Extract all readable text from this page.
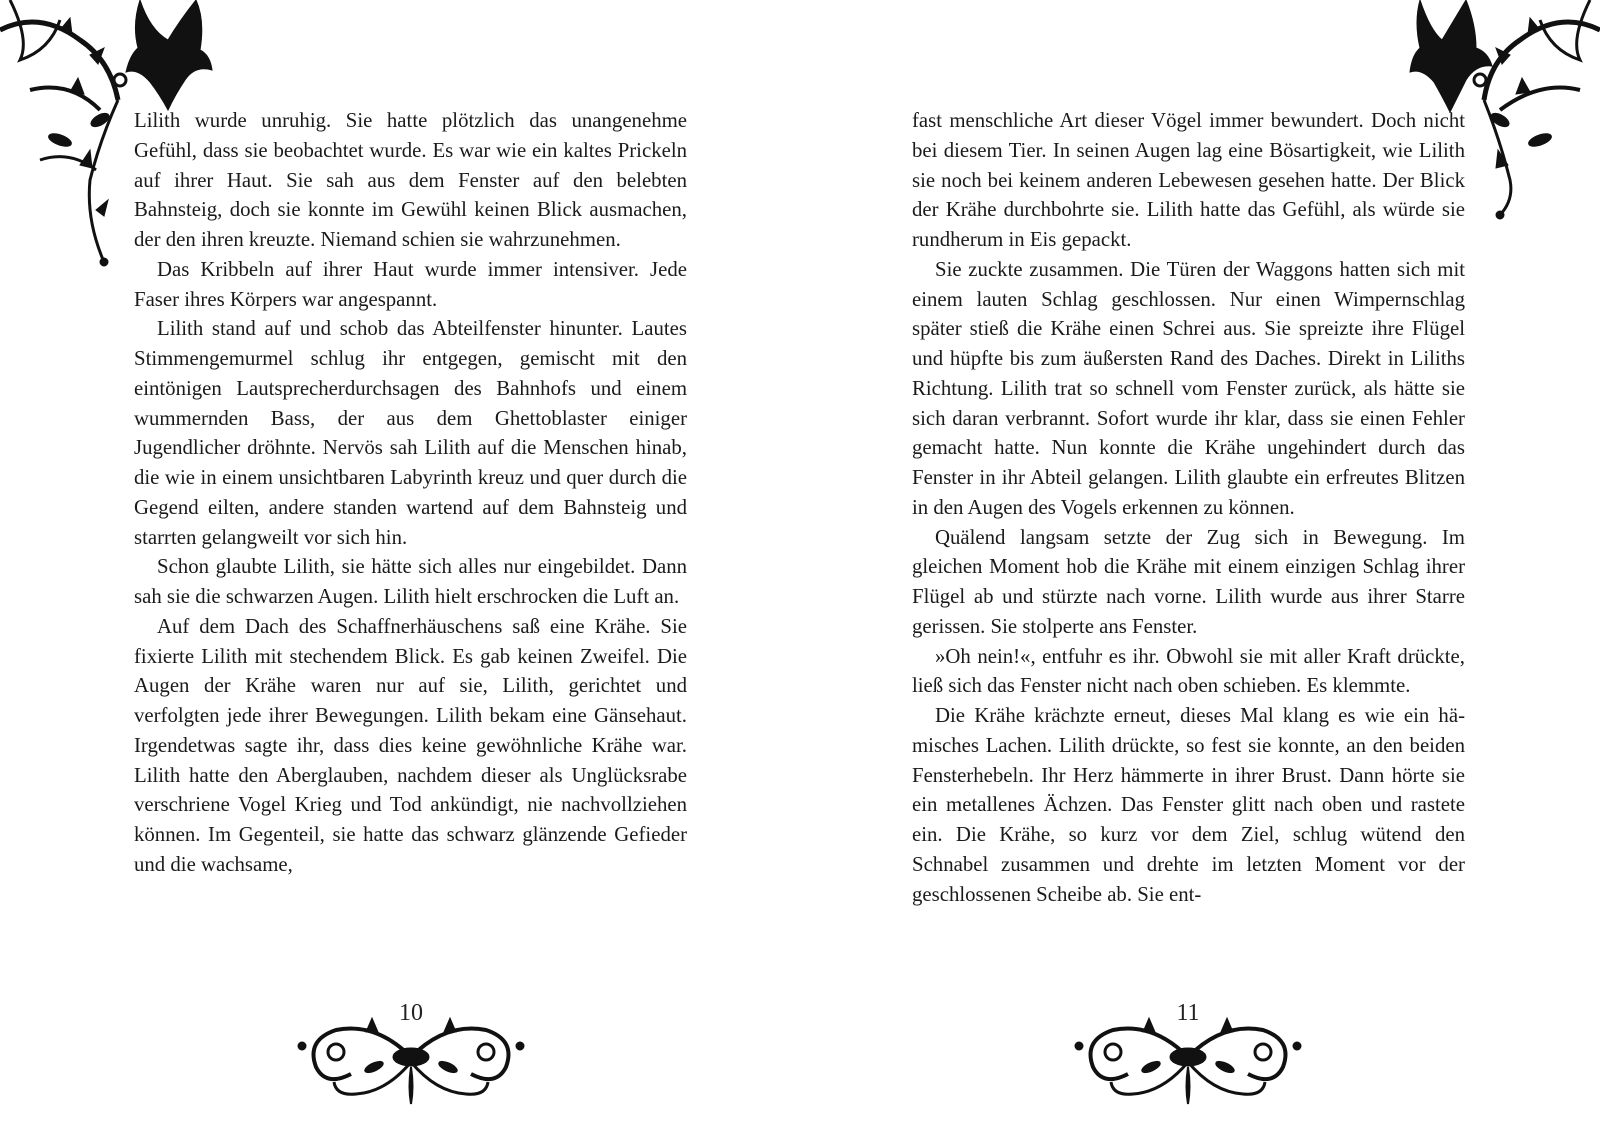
Lilith wurde unruhig. Sie hatte plötzlich das unangenehme Gefühl, dass sie beobachtet wurde. Es war wie ein kaltes Prickeln auf ihrer Haut. Sie sah aus dem Fenster auf den belebten Bahnsteig, doch sie konnte im Gewühl keinen Blick ausmachen, der den ihren kreuzte. Niemand schien sie wahrzunehmen.

Das Kribbeln auf ihrer Haut wurde immer intensiver. Jede Faser ihres Körpers war angespannt.

Lilith stand auf und schob das Abteilfenster hinunter. Lautes Stimmengemurmel schlug ihr entgegen, gemischt mit den eintönigen Lautsprecherdurchsagen des Bahnhofs und einem wummernden Bass, der aus dem Ghettoblaster einiger Jugendlicher dröhnte. Nervös sah Lilith auf die Menschen hinab, die wie in einem unsichtbaren Labyrinth kreuz und quer durch die Gegend eilten, andere standen wartend auf dem Bahnsteig und starrten gelangweilt vor sich hin.

Schon glaubte Lilith, sie hätte sich alles nur eingebildet. Dann sah sie die schwarzen Augen. Lilith hielt erschrocken die Luft an.

Auf dem Dach des Schaffnerhäuschens saß eine Krähe. Sie fixierte Lilith mit stechendem Blick. Es gab keinen Zweifel. Die Augen der Krähe waren nur auf sie, Lilith, gerichtet und verfolgten jede ihrer Bewegungen. Lilith bekam eine Gänsehaut. Irgendetwas sagte ihr, dass dies keine gewöhnliche Krähe war. Lilith hatte den Aberglauben, nachdem dieser als Unglücksrabe verschriene Vogel Krieg und Tod ankündigt, nie nachvollziehen können. Im Gegenteil, sie hatte das schwarz glänzende Gefieder und die wachsame,

10

fast menschliche Art dieser Vögel immer bewundert. Doch nicht bei diesem Tier. In seinen Augen lag eine Bösartigkeit, wie Lilith sie noch bei keinem anderen Lebewesen gesehen hatte. Der Blick der Krähe durchbohrte sie. Lilith hatte das Gefühl, als würde sie rundherum in Eis gepackt.

Sie zuckte zusammen. Die Türen der Waggons hatten sich mit einem lauten Schlag geschlossen. Nur einen Wimpernschlag später stieß die Krähe einen Schrei aus. Sie spreizte ihre Flügel und hüpfte bis zum äußersten Rand des Daches. Direkt in Liliths Richtung. Lilith trat so schnell vom Fenster zurück, als hätte sie sich daran verbrannt. Sofort wurde ihr klar, dass sie einen Fehler gemacht hatte. Nun konnte die Krähe ungehindert durch das Fenster in ihr Abteil gelangen. Lilith glaubte ein erfreutes Blitzen in den Augen des Vogels erkennen zu können.

Quälend langsam setzte der Zug sich in Bewegung. Im gleichen Moment hob die Krähe mit einem einzigen Schlag ihrer Flügel ab und stürzte nach vorne. Lilith wurde aus ihrer Starre gerissen. Sie stolperte ans Fenster.

»Oh nein!«, entfuhr es ihr. Obwohl sie mit aller Kraft drückte, ließ sich das Fenster nicht nach oben schieben. Es klemmte.

Die Krähe krächzte erneut, dieses Mal klang es wie ein hämisches Lachen. Lilith drückte, so fest sie konnte, an den beiden Fensterhebeln. Ihr Herz hämmerte in ihrer Brust. Dann hörte sie ein metallenes Ächzen. Das Fenster glitt nach oben und rastete ein. Die Krähe, so kurz vor dem Ziel, schlug wütend den Schnabel zusammen und drehte im letzten Moment vor der geschlossenen Scheibe ab. Sie ent-

11
